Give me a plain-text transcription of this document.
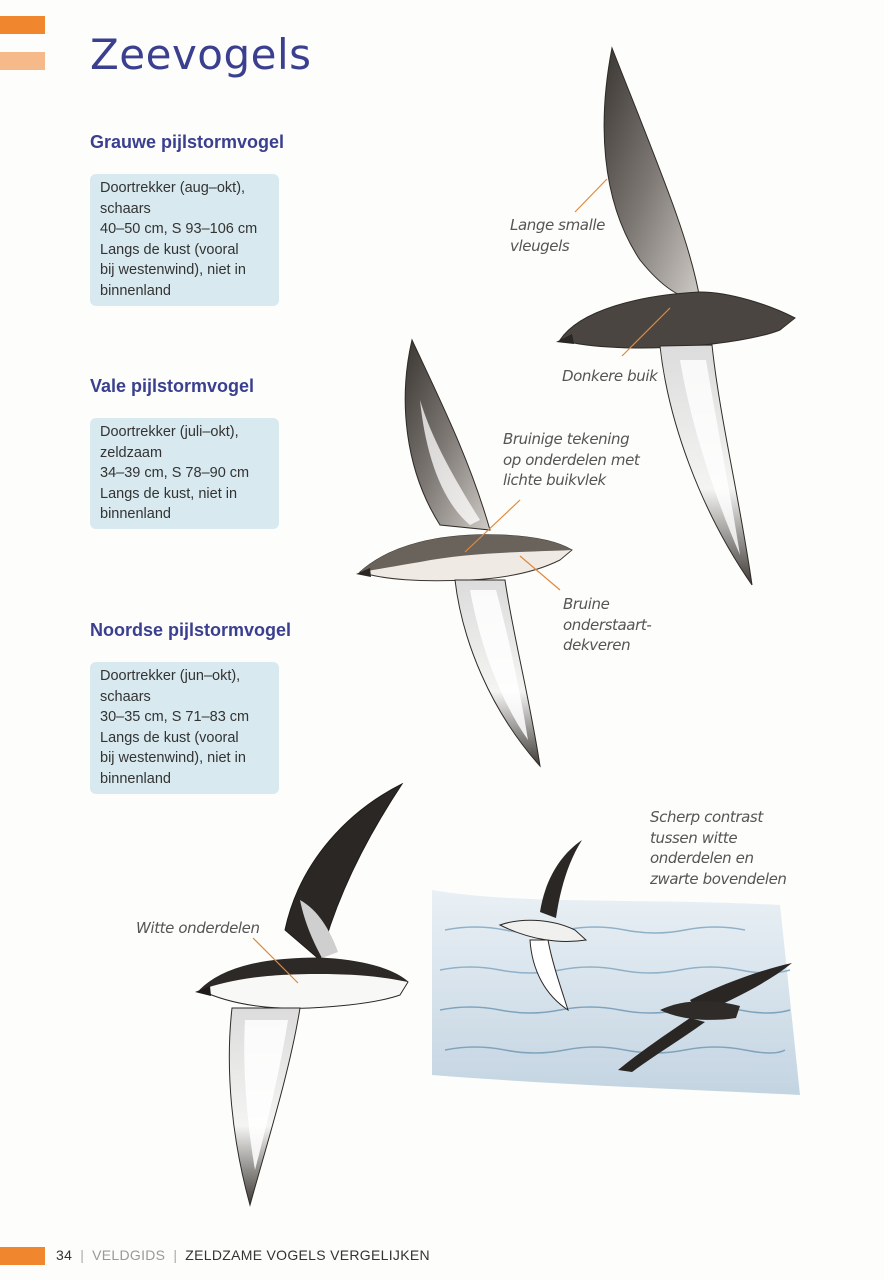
Zeevogels
Grauwe pijlstormvogel
Doortrekker (aug–okt),
schaars
40–50 cm, S 93–106 cm
Langs de kust (vooral
bij westenwind), niet in
binnenland
Vale pijlstormvogel
Doortrekker (juli–okt),
zeldzaam
34–39 cm, S 78–90 cm
Langs de kust, niet in
binnenland
Noordse pijlstormvogel
Doortrekker (jun–okt),
schaars
30–35 cm, S 71–83 cm
Langs de kust (vooral
bij westenwind), niet in
binnenland
Lange smalle
vleugels
Donkere buik
Bruinige tekening
op onderdelen met
lichte buikvlek
Bruine
onderstaart-
dekveren
Witte onderdelen
Scherp contrast
tussen witte
onderdelen en
zwarte bovendelen
34 | VELDGIDS | ZELDZAME VOGELS VERGELIJKEN
